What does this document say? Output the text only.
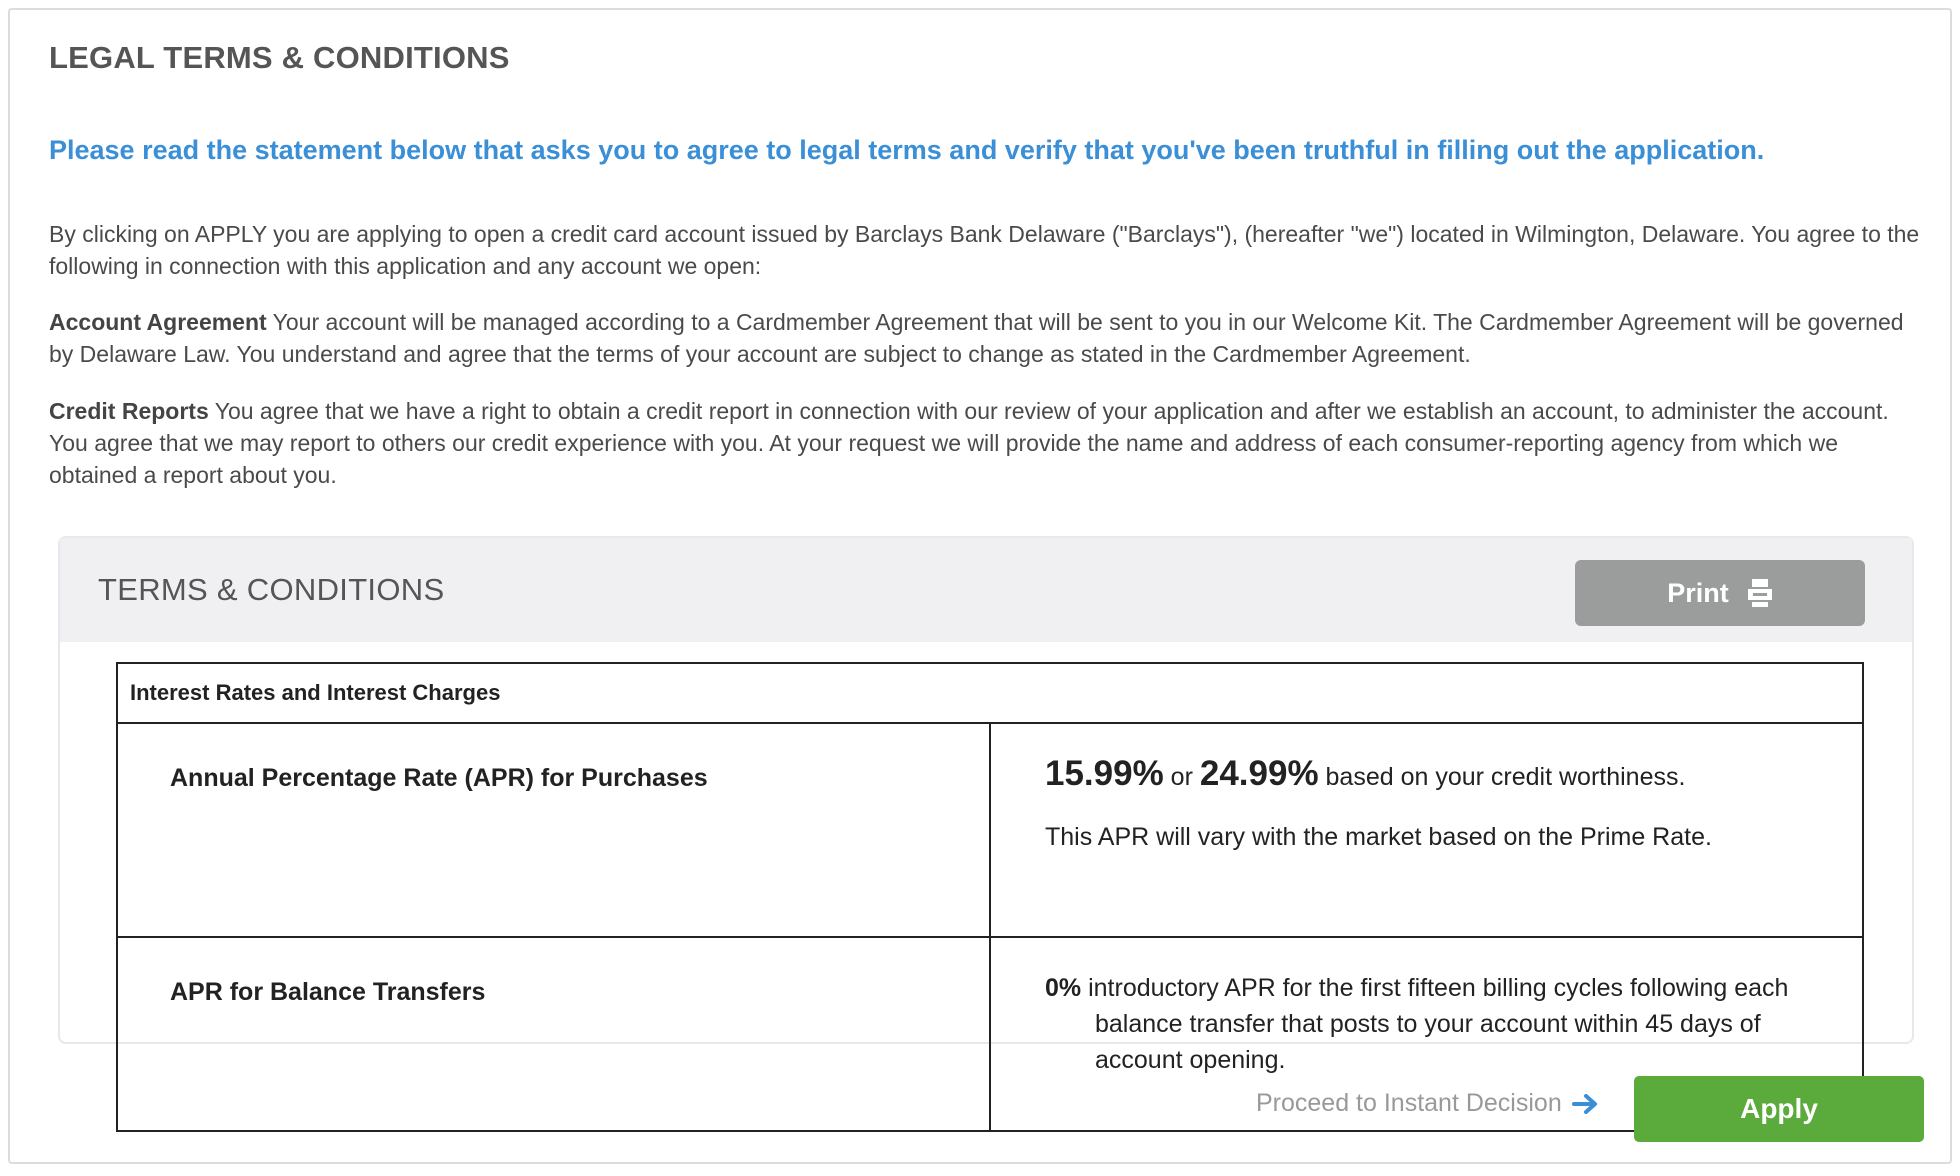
LEGAL TERMS & CONDITIONS
Please read the statement below that asks you to agree to legal terms and verify that you've been truthful in filling out the application.
By clicking on APPLY you are applying to open a credit card account issued by Barclays Bank Delaware ("Barclays"), (hereafter "we") located in Wilmington, Delaware. You agree to the following in connection with this application and any account we open:
Account Agreement Your account will be managed according to a Cardmember Agreement that will be sent to you in our Welcome Kit. The Cardmember Agreement will be governed by Delaware Law. You understand and agree that the terms of your account are subject to change as stated in the Cardmember Agreement.
Credit Reports You agree that we have a right to obtain a credit report in connection with our review of your application and after we establish an account, to administer the account. You agree that we may report to others our credit experience with you. At your request we will provide the name and address of each consumer-reporting agency from which we obtained a report about you.
TERMS & CONDITIONS	Print
Interest Rates and Interest Charges	
Annual Percentage Rate (APR) for Purchases	15.99% or 24.99% based on your credit worthiness.
This APR will vary with the market based on the Prime Rate.

APR for Balance Transfers	0% introductory APR for the first fifteen billing cycles following each balance transfer that posts to your account within 45 days of account opening.
Proceed to Instant Decision	Apply
